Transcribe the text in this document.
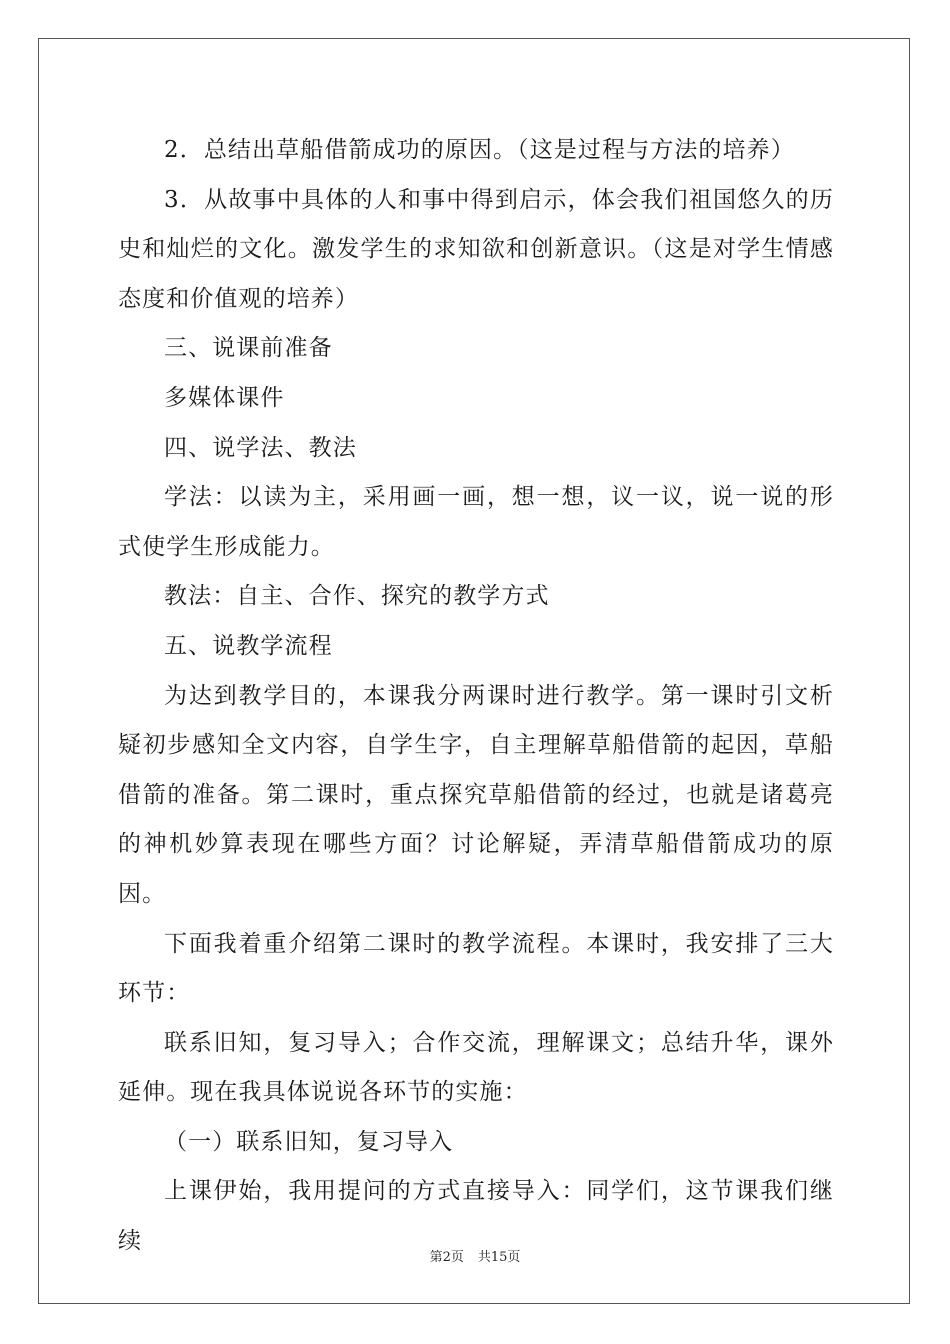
2．总结出草船借箭成功的原因。（这是过程与方法的培养）

3．从故事中具体的人和事中得到启示，体会我们祖国悠久的历史和灿烂的文化。激发学生的求知欲和创新意识。（这是对学生情感态度和价值观的培养）

三、说课前准备

多媒体课件

四、说学法、教法

学法：以读为主，采用画一画，想一想，议一议，说一说的形式使学生形成能力。

教法：自主、合作、探究的教学方式

五、说教学流程

为达到教学目的，本课我分两课时进行教学。第一课时引文析疑初步感知全文内容，自学生字，自主理解草船借箭的起因，草船借箭的准备。第二课时，重点探究草船借箭的经过，也就是诸葛亮的神机妙算表现在哪些方面？讨论解疑，弄清草船借箭成功的原因。

下面我着重介绍第二课时的教学流程。本课时，我安排了三大环节：

联系旧知，复习导入；合作交流，理解课文；总结升华，课外延伸。现在我具体说说各环节的实施：

（一）联系旧知，复习导入

上课伊始，我用提问的方式直接导入：同学们，这节课我们继续

第2页 共15页
